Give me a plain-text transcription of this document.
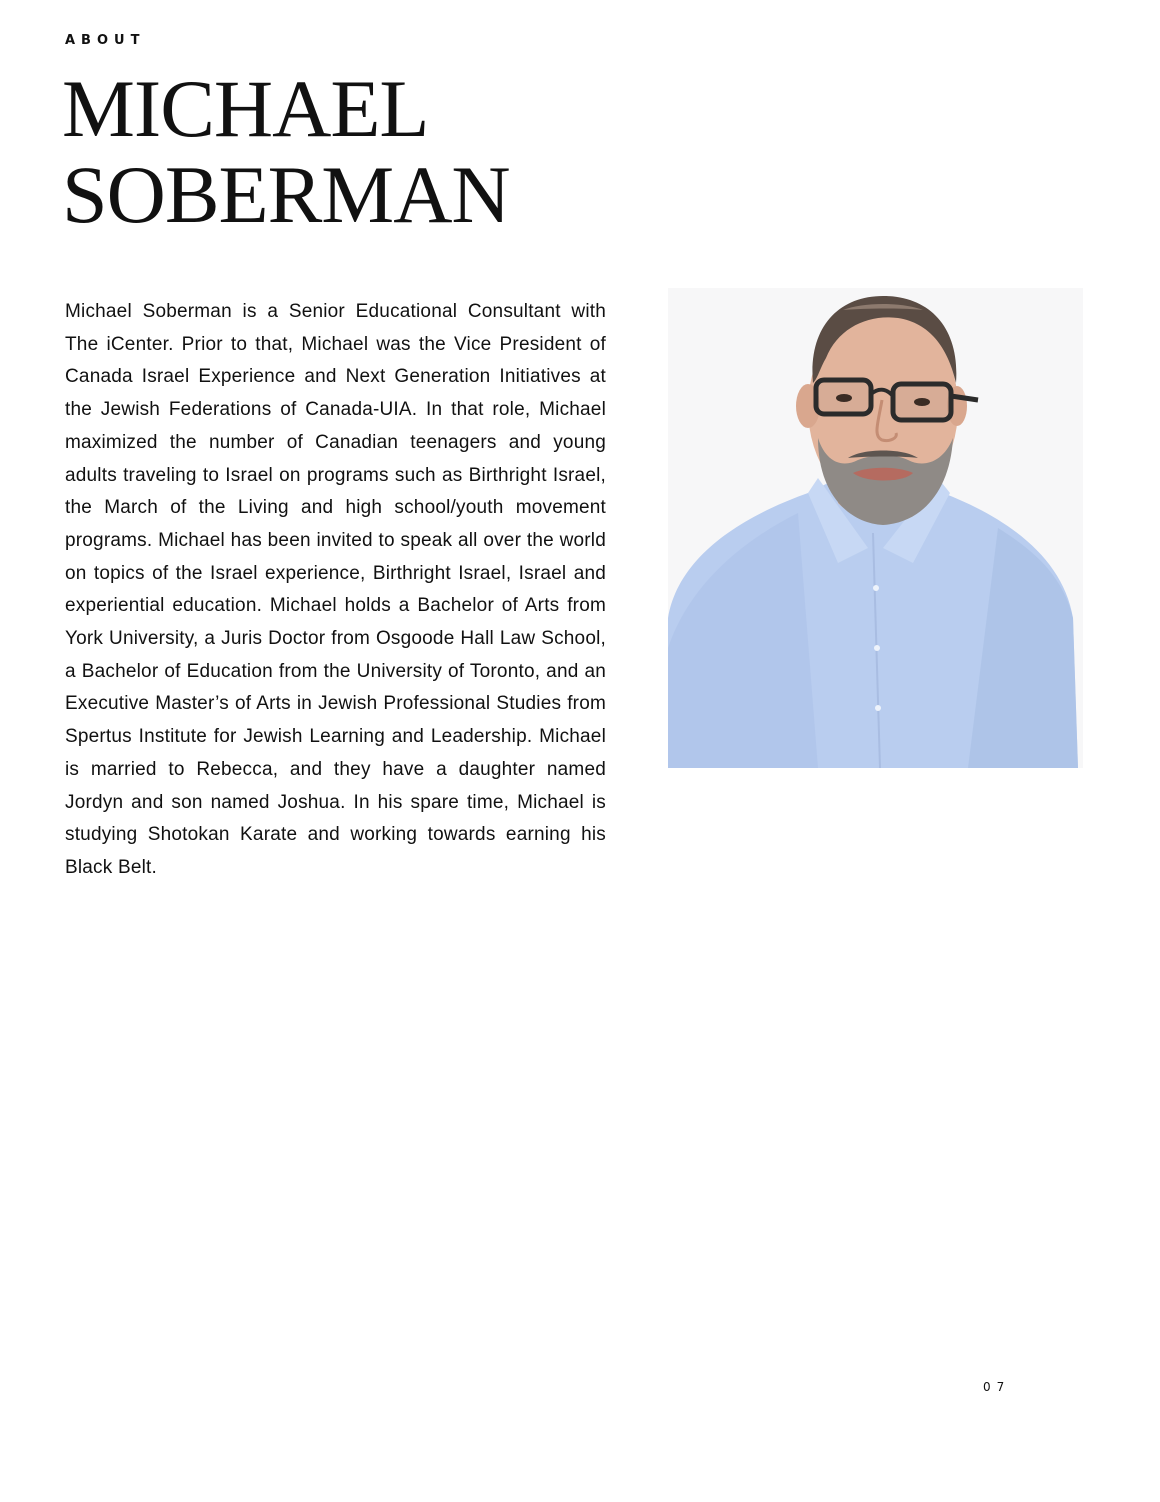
ABOUT
MICHAEL
SOBERMAN

Michael Soberman is a Senior Educational Consultant with The iCenter. Prior to that, Michael was the Vice President of Canada Israel Experience and Next Generation Initiatives at the Jewish Federations of Canada-UIA. In that role, Michael maximized the number of Canadian teenagers and young adults traveling to Israel on programs such as Birthright Israel, the March of the Living and high school/youth movement programs. Michael has been invited to speak all over the world on topics of the Israel experience, Birthright Israel, Israel and experiential education. Michael holds a Bachelor of Arts from York University, a Juris Doctor from Osgoode Hall Law School, a Bachelor of Education from the University of Toronto, and an Executive Master’s of Arts in Jewish Professional Studies from Spertus Institute for Jewish Learning and Leadership. Michael is married to Rebecca, and they have a daughter named Jordyn and son named Joshua. In his spare time, Michael is studying Shotokan Karate and working towards earning his Black Belt.

07
